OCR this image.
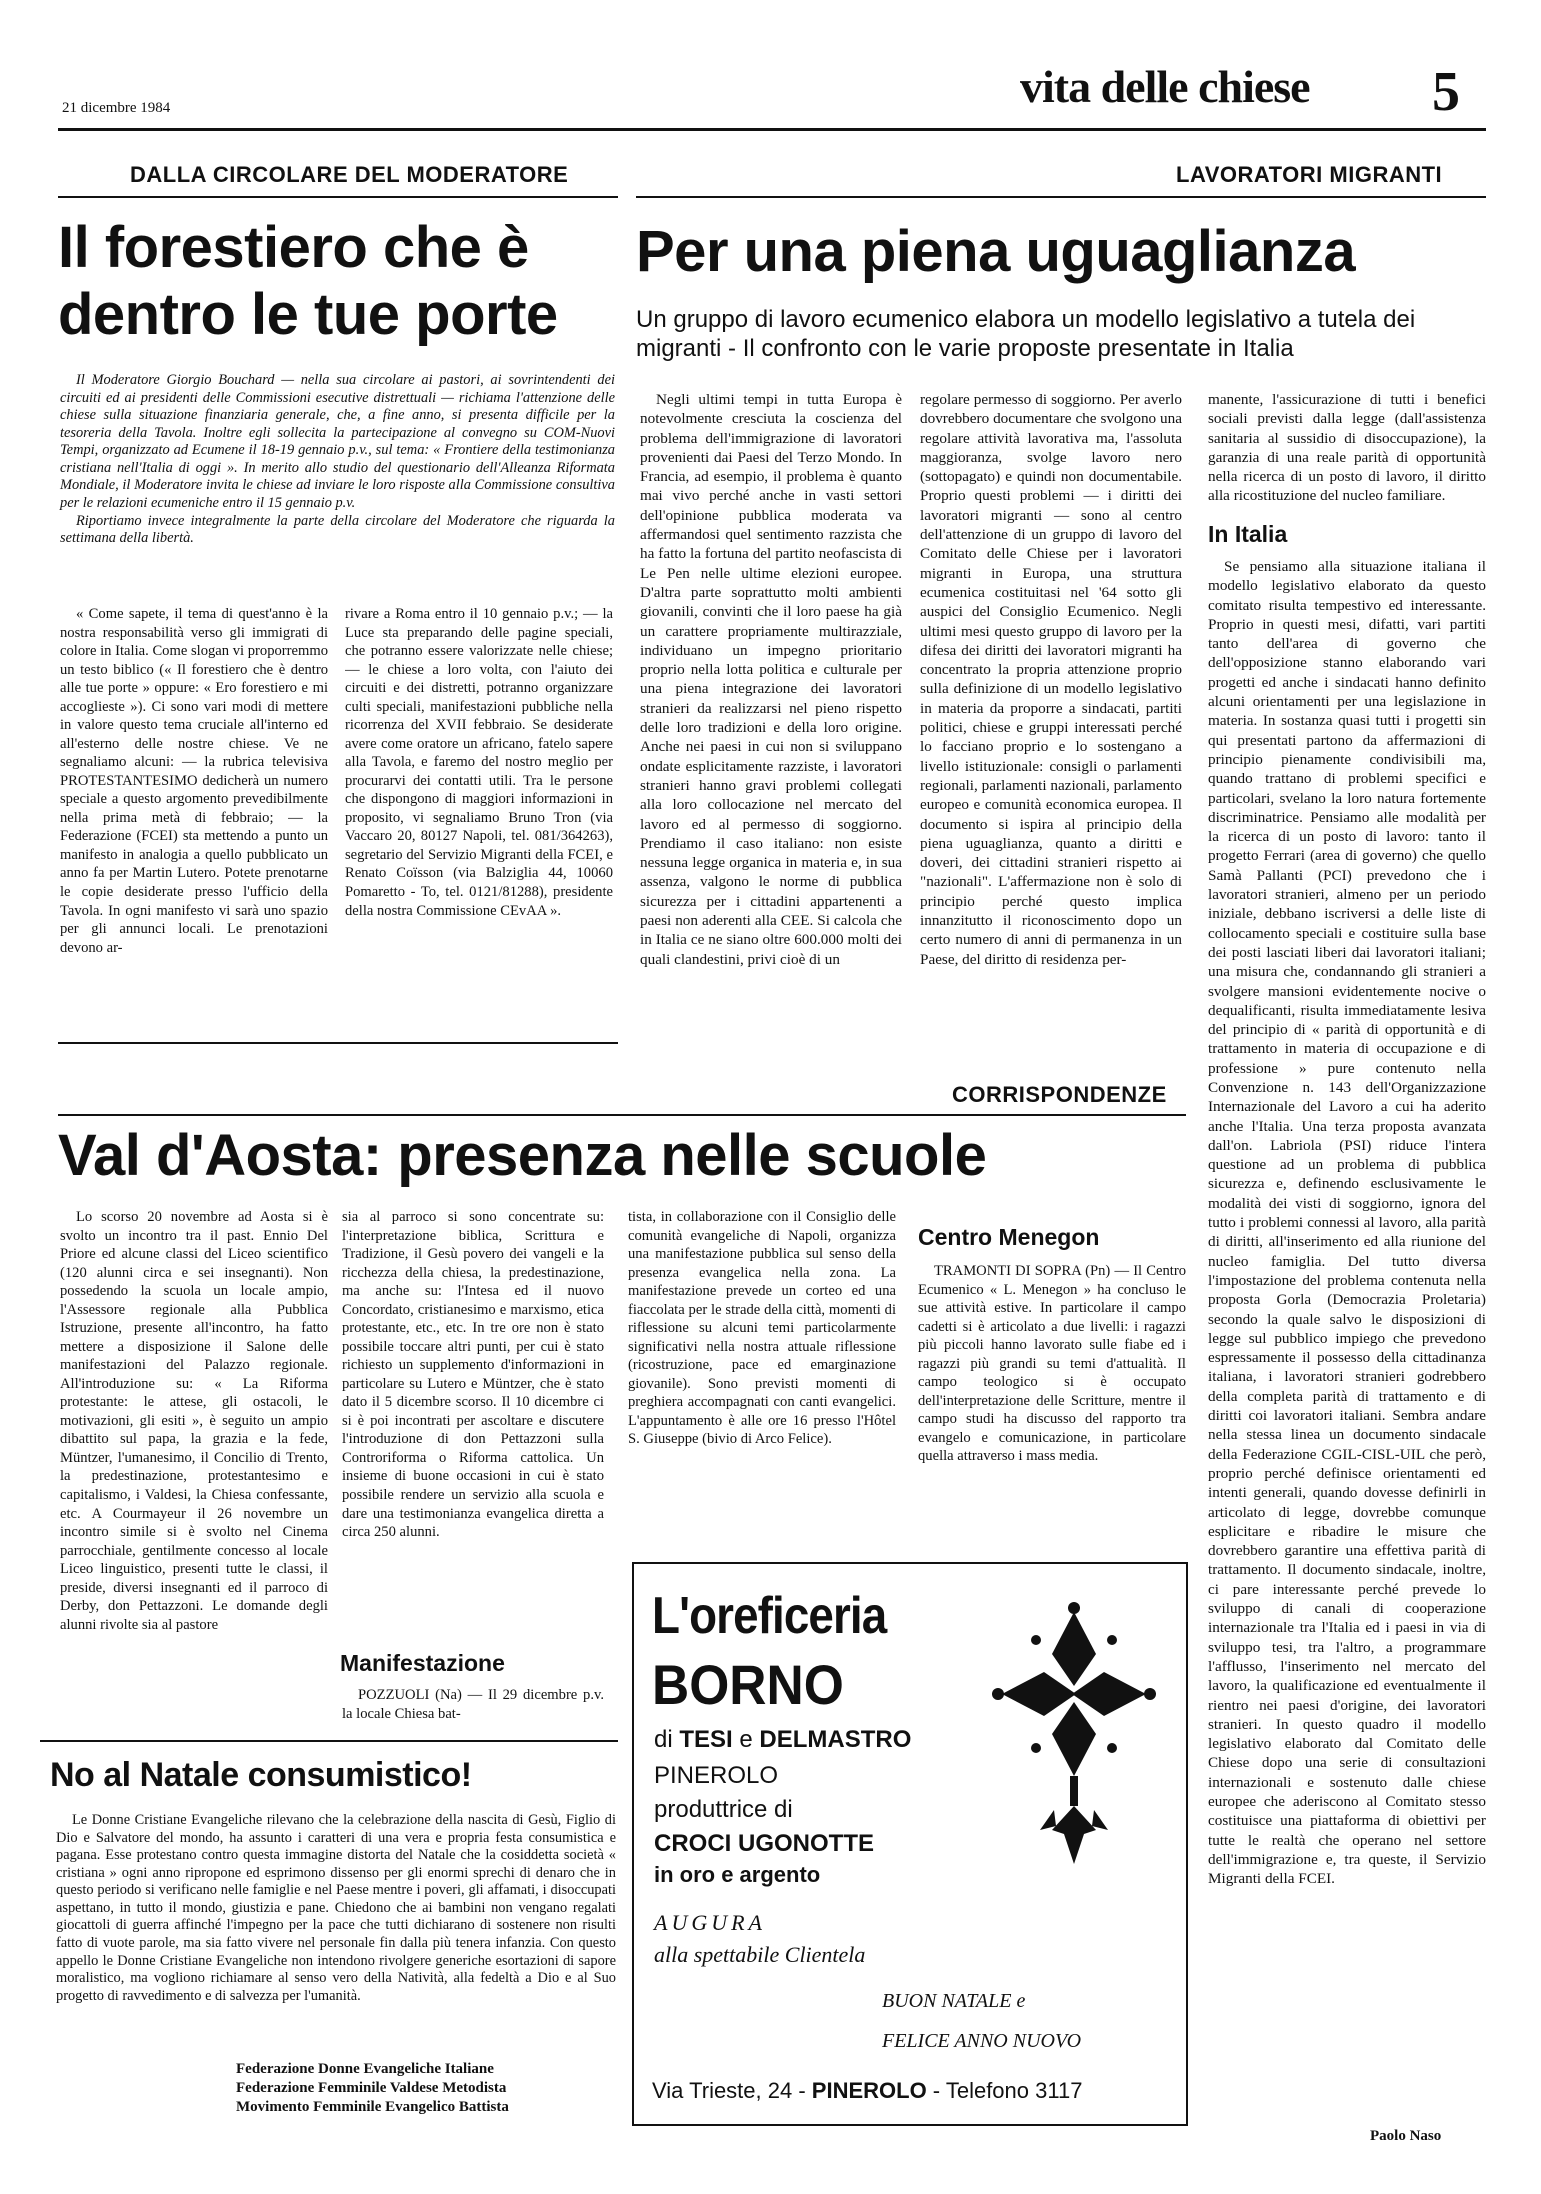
21 dicembre 1984	vita delle chiese 5
DALLA CIRCOLARE DEL MODERATORE
Il forestiero che è
dentro le tue porte

Il Moderatore Giorgio Bouchard — nella sua circolare ai pastori, ai sovrintendenti dei circuiti ed ai presidenti delle Commissioni esecutive distrettuali — richiama l'attenzione delle chiese sulla situazione finanziaria generale, che, a fine anno, si presenta difficile per la tesoreria della Tavola. Inoltre egli sollecita la partecipazione al convegno su COM-Nuovi Tempi, organizzato ad Ecumene il 18-19 gennaio p.v., sul tema: « Frontiere della testimonianza cristiana nell'Italia di oggi ». In merito allo studio del questionario dell'Alleanza Riformata Mondiale, il Moderatore invita le chiese ad inviare le loro risposte alla Commissione consultiva per le relazioni ecumeniche entro il 15 gennaio p.v.

Riportiamo invece integralmente la parte della circolare del Moderatore che riguarda la settimana della libertà.

« Come sapete, il tema di quest'anno è la nostra responsabilità verso gli immigrati di colore in Italia. Come slogan vi proporremmo un testo biblico (« Il forestiero che è dentro alle tue porte » oppure: « Ero forestiero e mi accoglieste »). Ci sono vari modi di mettere in valore questo tema cruciale all'interno ed all'esterno delle nostre chiese. Ve ne segnaliamo alcuni: — la rubrica televisiva PROTESTANTESIMO dedicherà un numero speciale a questo argomento prevedibilmente nella prima metà di febbraio; — la Federazione (FCEI) sta mettendo a punto un manifesto in analogia a quello pubblicato un anno fa per Martin Lutero. Potete prenotarne le copie desiderate presso l'ufficio della Tavola. In ogni manifesto vi sarà uno spazio per gli annunci locali. Le prenotazioni devono ar-

rivare a Roma entro il 10 gennaio p.v.; — la Luce sta preparando delle pagine speciali, che potranno essere valorizzate nelle chiese; — le chiese a loro volta, con l'aiuto dei circuiti e dei distretti, potranno organizzare culti speciali, manifestazioni pubbliche nella ricorrenza del XVII febbraio. Se desiderate avere come oratore un africano, fatelo sapere alla Tavola, e faremo del nostro meglio per procurarvi dei contatti utili. Tra le persone che dispongono di maggiori informazioni in proposito, vi segnaliamo Bruno Tron (via Vaccaro 20, 80127 Napoli, tel. 081/364263), segretario del Servizio Migranti della FCEI, e Renato Coïsson (via Balziglia 44, 10060 Pomaretto - To, tel. 0121/81288), presidente della nostra Commissione CEvAA ».

LAVORATORI MIGRANTI
Per una piena uguaglianza
Un gruppo di lavoro ecumenico elabora un modello legislativo a tutela dei migranti - Il confronto con le varie proposte presentate in Italia

Negli ultimi tempi in tutta Europa è notevolmente cresciuta la coscienza del problema dell'immigrazione di lavoratori provenienti dai Paesi del Terzo Mondo. In Francia, ad esempio, il problema è quanto mai vivo perché anche in vasti settori dell'opinione pubblica moderata va affermandosi quel sentimento razzista che ha fatto la fortuna del partito neofascista di Le Pen nelle ultime elezioni europee. D'altra parte soprattutto molti ambienti giovanili, convinti che il loro paese ha già un carattere propriamente multirazziale, individuano un impegno prioritario proprio nella lotta politica e culturale per una piena integrazione dei lavoratori stranieri da realizzarsi nel pieno rispetto delle loro tradizioni e della loro origine. Anche nei paesi in cui non si sviluppano ondate esplicitamente razziste, i lavoratori stranieri hanno gravi problemi collegati alla loro collocazione nel mercato del lavoro ed al permesso di soggiorno. Prendiamo il caso italiano: non esiste nessuna legge organica in materia e, in sua assenza, valgono le norme di pubblica sicurezza per i cittadini appartenenti a paesi non aderenti alla CEE. Si calcola che in Italia ce ne siano oltre 600.000 molti dei quali clandestini, privi cioè di un

regolare permesso di soggiorno. Per averlo dovrebbero documentare che svolgono una regolare attività lavorativa ma, l'assoluta maggioranza, svolge lavoro nero (sottopagato) e quindi non documentabile. Proprio questi problemi — i diritti dei lavoratori migranti — sono al centro dell'attenzione di un gruppo di lavoro del Comitato delle Chiese per i lavoratori migranti in Europa, una struttura ecumenica costituitasi nel '64 sotto gli auspici del Consiglio Ecumenico. Negli ultimi mesi questo gruppo di lavoro per la difesa dei diritti dei lavoratori migranti ha concentrato la propria attenzione proprio sulla definizione di un modello legislativo in materia da proporre a sindacati, partiti politici, chiese e gruppi interessati perché lo facciano proprio e lo sostengano a livello istituzionale: consigli o parlamenti regionali, parlamenti nazionali, parlamento europeo e comunità economica europea. Il documento si ispira al principio della piena uguaglianza, quanto a diritti e doveri, dei cittadini stranieri rispetto ai "nazionali". L'affermazione non è solo di principio perché questo implica innanzitutto il riconoscimento dopo un certo numero di anni di permanenza in un Paese, del diritto di residenza per-

manente, l'assicurazione di tutti i benefici sociali previsti dalla legge (dall'assistenza sanitaria al sussidio di disoccupazione), la garanzia di una reale parità di opportunità nella ricerca di un posto di lavoro, il diritto alla ricostituzione del nucleo familiare.

In Italia

Se pensiamo alla situazione italiana il modello legislativo elaborato da questo comitato risulta tempestivo ed interessante. Proprio in questi mesi, difatti, vari partiti tanto dell'area di governo che dell'opposizione stanno elaborando vari progetti ed anche i sindacati hanno definito alcuni orientamenti per una legislazione in materia. In sostanza quasi tutti i progetti sin qui presentati partono da affermazioni di principio pienamente condivisibili ma, quando trattano di problemi specifici e particolari, svelano la loro natura fortemente discriminatrice. Pensiamo alle modalità per la ricerca di un posto di lavoro: tanto il progetto Ferrari (area di governo) che quello Samà Pallanti (PCI) prevedono che i lavoratori stranieri, almeno per un periodo iniziale, debbano iscriversi a delle liste di collocamento speciali e costituire sulla base dei posti lasciati liberi dai lavoratori italiani; una misura che, condannando gli stranieri a svolgere mansioni evidentemente nocive o dequalificanti, risulta immediatamente lesiva del principio di « parità di opportunità e di trattamento in materia di occupazione e di professione » pure contenuto nella Convenzione n. 143 dell'Organizzazione Internazionale del Lavoro a cui ha aderito anche l'Italia. Una terza proposta avanzata dall'on. Labriola (PSI) riduce l'intera questione ad un problema di pubblica sicurezza e, definendo esclusivamente le modalità dei visti di soggiorno, ignora del tutto i problemi connessi al lavoro, alla parità di diritti, all'inserimento ed alla riunione del nucleo famiglia. Del tutto diversa l'impostazione del problema contenuta nella proposta Gorla (Democrazia Proletaria) secondo la quale salvo le disposizioni di legge sul pubblico impiego che prevedono espressamente il possesso della cittadinanza italiana, i lavoratori stranieri godrebbero della completa parità di trattamento e di diritti coi lavoratori italiani. Sembra andare nella stessa linea un documento sindacale della Federazione CGIL-CISL-UIL che però, proprio perché definisce orientamenti ed intenti generali, quando dovesse definirli in articolato di legge, dovrebbe comunque esplicitare e ribadire le misure che dovrebbero garantire una effettiva parità di trattamento. Il documento sindacale, inoltre, ci pare interessante perché prevede lo sviluppo di canali di cooperazione internazionale tra l'Italia ed i paesi in via di sviluppo tesi, tra l'altro, a programmare l'afflusso, l'inserimento nel mercato del lavoro, la qualificazione ed eventualmente il rientro nei paesi d'origine, dei lavoratori stranieri. In questo quadro il modello legislativo elaborato dal Comitato delle Chiese dopo una serie di consultazioni internazionali e sostenuto dalle chiese europee che aderiscono al Comitato stesso costituisce una piattaforma di obiettivi per tutte le realtà che operano nel settore dell'immigrazione e, tra queste, il Servizio Migranti della FCEI.

Paolo Naso
CORRISPONDENZE
Val d'Aosta: presenza nelle scuole

Lo scorso 20 novembre ad Aosta si è svolto un incontro tra il past. Ennio Del Priore ed alcune classi del Liceo scientifico (120 alunni circa e sei insegnanti). Non possedendo la scuola un locale ampio, l'Assessore regionale alla Pubblica Istruzione, presente all'incontro, ha fatto mettere a disposizione il Salone delle manifestazioni del Palazzo regionale. All'introduzione su: « La Riforma protestante: le attese, gli ostacoli, le motivazioni, gli esiti », è seguito un ampio dibattito sul papa, la grazia e la fede, Müntzer, l'umanesimo, il Concilio di Trento, la predestinazione, protestantesimo e capitalismo, i Valdesi, la Chiesa confessante, etc. A Courmayeur il 26 novembre un incontro simile si è svolto nel Cinema parrocchiale, gentilmente concesso al locale Liceo linguistico, presenti tutte le classi, il preside, diversi insegnanti ed il parroco di Derby, don Pettazzoni. Le domande degli alunni rivolte sia al pastore

sia al parroco si sono concentrate su: l'interpretazione biblica, Scrittura e Tradizione, il Gesù povero dei vangeli e la ricchezza della chiesa, la predestinazione, ma anche su: l'Intesa ed il nuovo Concordato, cristianesimo e marxismo, etica protestante, etc., etc. In tre ore non è stato possibile toccare altri punti, per cui è stato richiesto un supplemento d'informazioni in particolare su Lutero e Müntzer, che è stato dato il 5 dicembre scorso. Il 10 dicembre ci si è poi incontrati per ascoltare e discutere l'introduzione di don Pettazzoni sulla Controriforma o Riforma cattolica. Un insieme di buone occasioni in cui è stato possibile rendere un servizio alla scuola e dare una testimonianza evangelica diretta a circa 250 alunni.

Manifestazione

POZZUOLI (Na) — Il 29 dicembre p.v. la locale Chiesa bat-

tista, in collaborazione con il Consiglio delle comunità evangeliche di Napoli, organizza una manifestazione pubblica sul senso della presenza evangelica nella zona. La manifestazione prevede un corteo ed una fiaccolata per le strade della città, momenti di riflessione su alcuni temi particolarmente significativi nella nostra attuale riflessione (ricostruzione, pace ed emarginazione giovanile). Sono previsti momenti di preghiera accompagnati con canti evangelici. L'appuntamento è alle ore 16 presso l'Hôtel S. Giuseppe (bivio di Arco Felice).

Centro Menegon

TRAMONTI DI SOPRA (Pn) — Il Centro Ecumenico « L. Menegon » ha concluso le sue attività estive. In particolare il campo cadetti si è articolato a due livelli: i ragazzi più piccoli hanno lavorato sulle fiabe ed i ragazzi più grandi su temi d'attualità. Il campo teologico si è occupato dell'interpretazione delle Scritture, mentre il campo studi ha discusso del rapporto tra evangelo e comunicazione, in particolare quella attraverso i mass media.

No al Natale consumistico!

Le Donne Cristiane Evangeliche rilevano che la celebrazione della nascita di Gesù, Figlio di Dio e Salvatore del mondo, ha assunto i caratteri di una vera e propria festa consumistica e pagana. Esse protestano contro questa immagine distorta del Natale che la cosiddetta società « cristiana » ogni anno ripropone ed esprimono dissenso per gli enormi sprechi di denaro che in questo periodo si verificano nelle famiglie e nel Paese mentre i poveri, gli affamati, i disoccupati aspettano, in tutto il mondo, giustizia e pane. Chiedono che ai bambini non vengano regalati giocattoli di guerra affinché l'impegno per la pace che tutti dichiarano di sostenere non risulti fatto di vuote parole, ma sia fatto vivere nel personale fin dalla più tenera infanzia. Con questo appello le Donne Cristiane Evangeliche non intendono rivolgere generiche esortazioni di sapore moralistico, ma vogliono richiamare al senso vero della Natività, alla fedeltà a Dio e al Suo progetto di ravvedimento e di salvezza per l'umanità.

Federazione Donne Evangeliche Italiane
Federazione Femminile Valdese Metodista
Movimento Femminile Evangelico Battista
L'oreficeria
BORNO
di TESI e DELMASTRO
PINEROLO
produttrice di
CROCI UGONOTTE
in oro e argento
AUGURA
alla spettabile Clientela
BUON NATALE e
FELICE ANNO NUOVO
Via Trieste, 24 - PINEROLO - Telefono 3117
